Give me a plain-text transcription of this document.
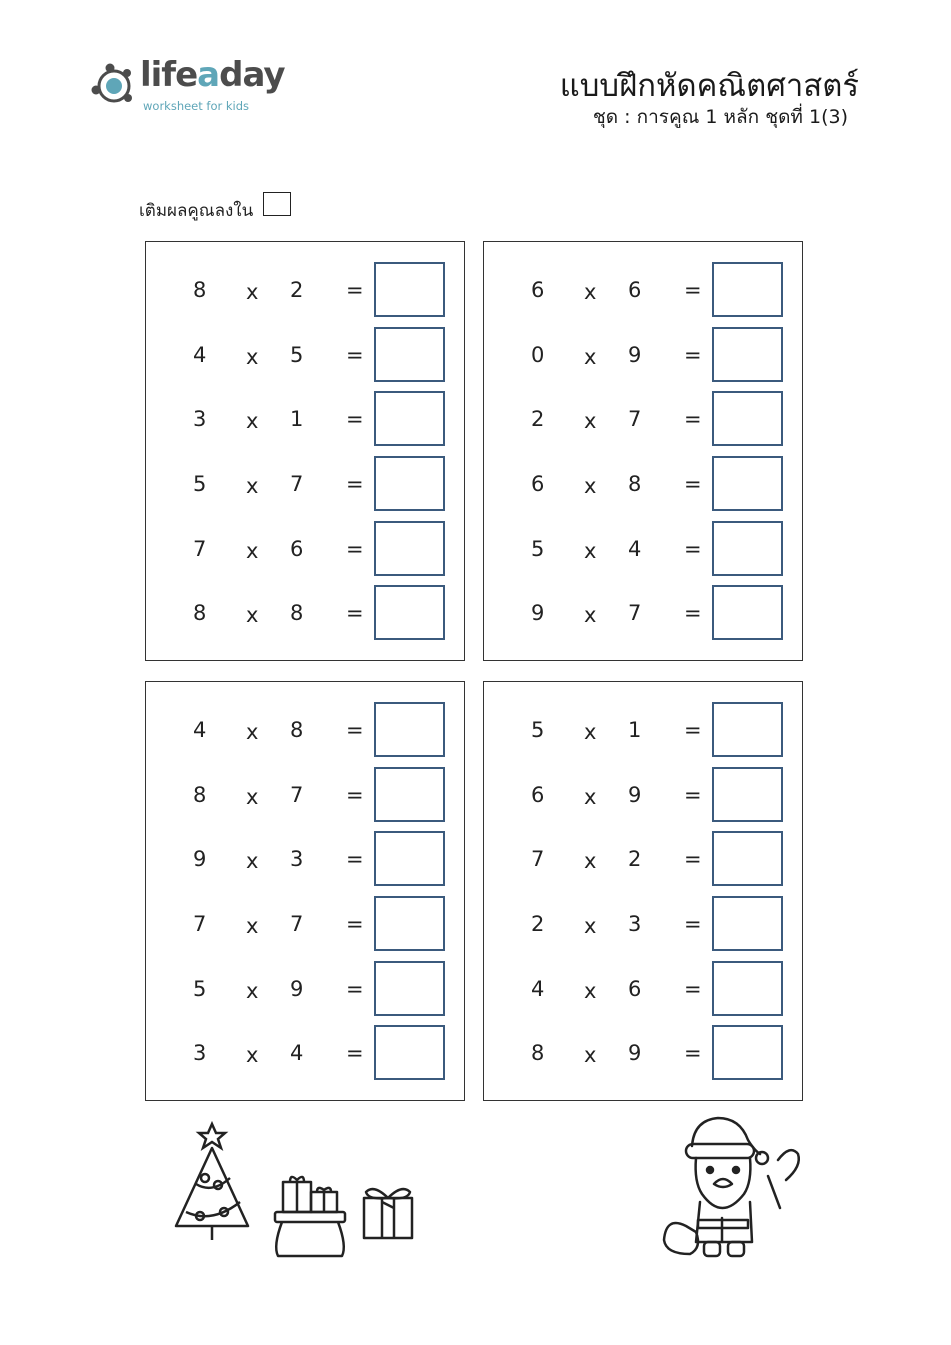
lifeaday
worksheet for kids
แบบฝึกหัดคณิตศาสตร์
ชุด : การคูณ 1 หลัก ชุดที่ 1(3)
เติมผลคูณลงใน
8 x 2 =
4 x 5 =
3 x 1 =
5 x 7 =
7 x 6 =
8 x 8 =
6 x 6 =
0 x 9 =
2 x 7 =
6 x 8 =
5 x 4 =
9 x 7 =
4 x 8 =
8 x 7 =
9 x 3 =
7 x 7 =
5 x 9 =
3 x 4 =
5 x 1 =
6 x 9 =
7 x 2 =
2 x 3 =
4 x 6 =
8 x 9 =
